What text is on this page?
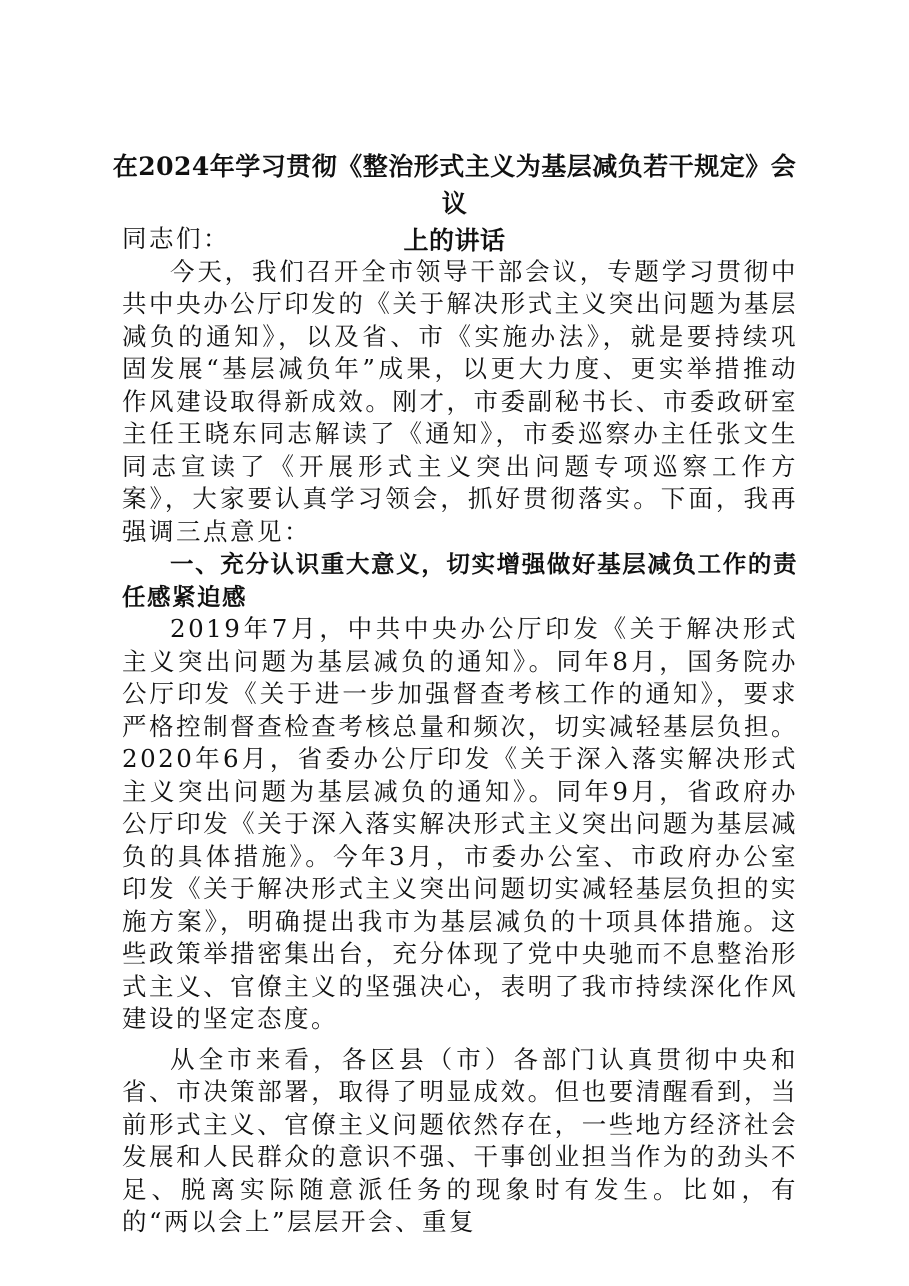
在2024年学习贯彻《整治形式主义为基层减负若干规定》会议
上的讲话

同志们：

今天，我们召开全市领导干部会议，专题学习贯彻中共中央办公厅印发的《关于解决形式主义突出问题为基层减负的通知》，以及省、市《实施办法》，就是要持续巩固发展“基层减负年”成果，以更大力度、更实举措推动作风建设取得新成效。刚才，市委副秘书长、市委政研室主任王晓东同志解读了《通知》，市委巡察办主任张文生同志宣读了《开展形式主义突出问题专项巡察工作方案》，大家要认真学习领会，抓好贯彻落实。下面，我再强调三点意见：

一、充分认识重大意义，切实增强做好基层减负工作的责任感紧迫感

2019年7月，中共中央办公厅印发《关于解决形式主义突出问题为基层减负的通知》。同年8月，国务院办公厅印发《关于进一步加强督查考核工作的通知》，要求严格控制督查检查考核总量和频次，切实减轻基层负担。2020年6月，省委办公厅印发《关于深入落实解决形式主义突出问题为基层减负的通知》。同年9月，省政府办公厅印发《关于深入落实解决形式主义突出问题为基层减负的具体措施》。今年3月，市委办公室、市政府办公室印发《关于解决形式主义突出问题切实减轻基层负担的实施方案》，明确提出我市为基层减负的十项具体措施。这些政策举措密集出台，充分体现了党中央驰而不息整治形式主义、官僚主义的坚强决心，表明了我市持续深化作风建设的坚定态度。

从全市来看，各区县（市）各部门认真贯彻中央和省、市决策部署，取得了明显成效。但也要清醒看到，当前形式主义、官僚主义问题依然存在，一些地方经济社会发展和人民群众的意识不强、干事创业担当作为的劲头不足、脱离实际随意派任务的现象时有发生。比如，有的“两以会上”层层开会、重复
